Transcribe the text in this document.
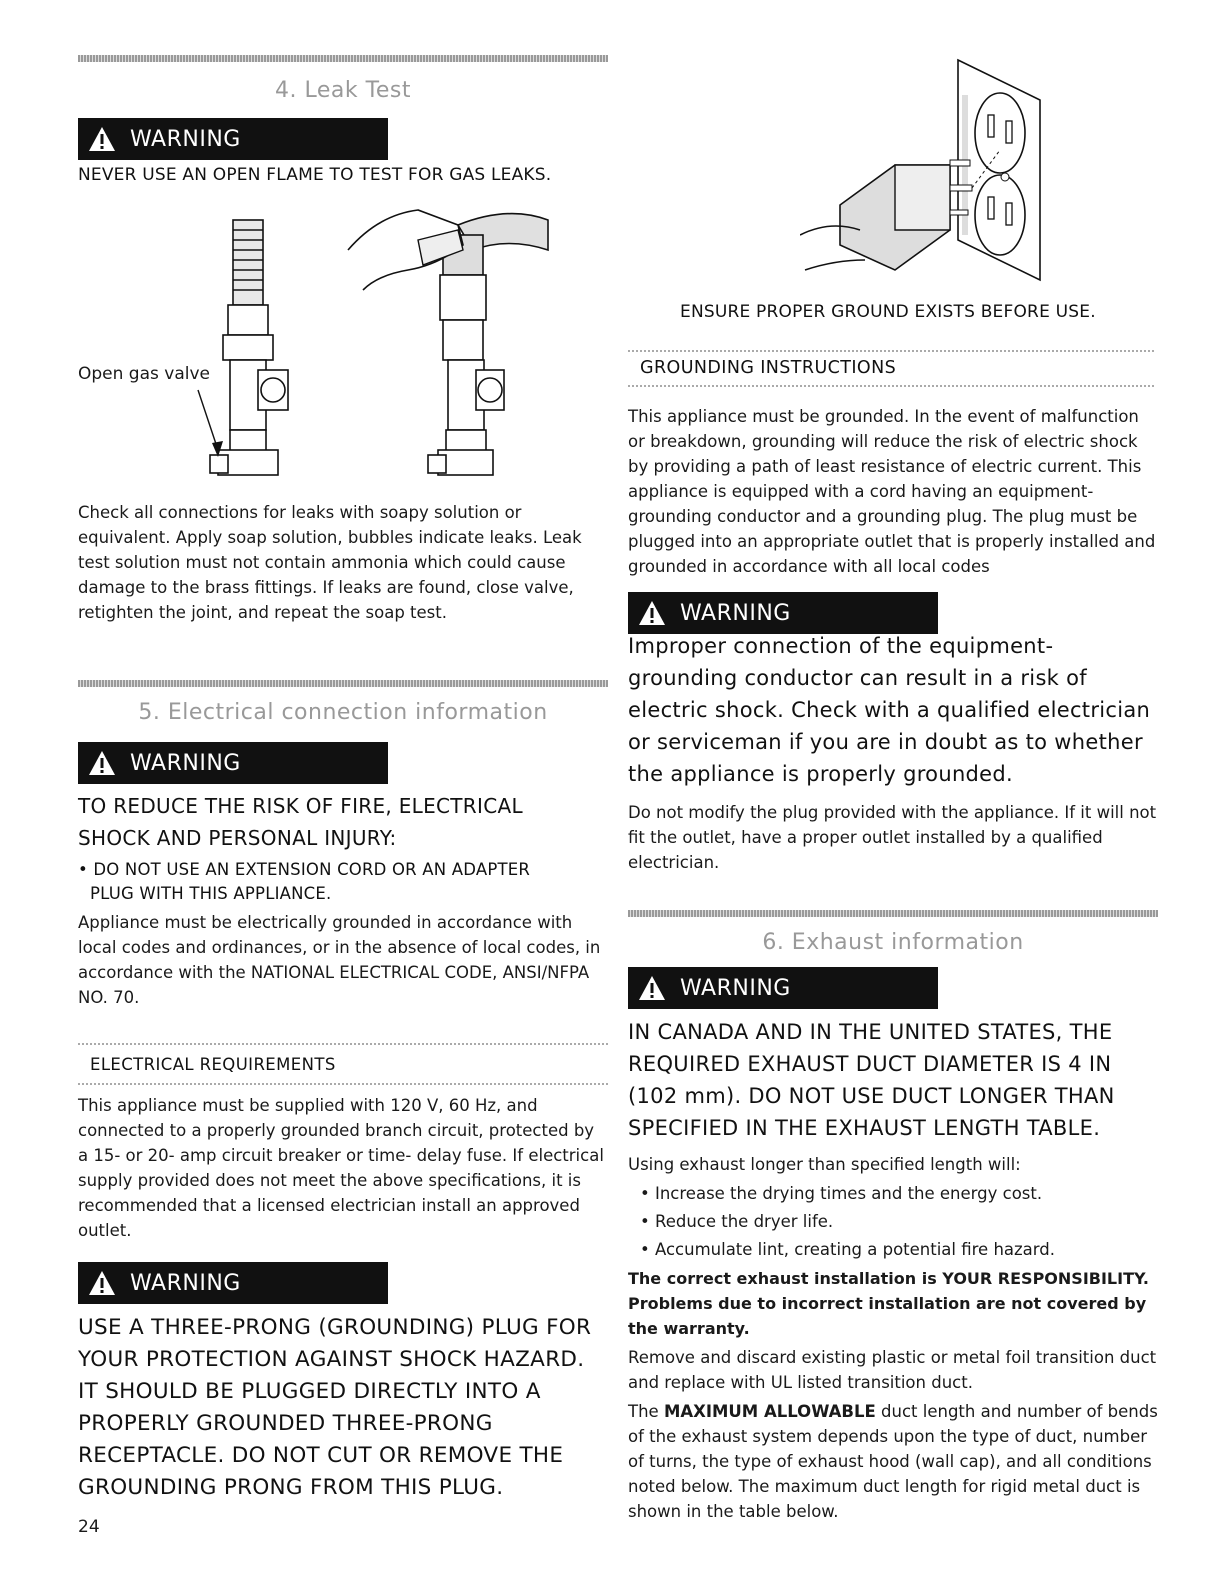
4. Leak Test
WARNING
NEVER USE AN OPEN FLAME TO TEST FOR GAS LEAKS.
Open gas valve
Check all connections for leaks with soapy solution or equivalent. Apply soap solution, bubbles indicate leaks. Leak test solution must not contain ammonia which could cause damage to the brass fittings. If leaks are found, close valve, retighten the joint, and repeat the soap test.
5. Electrical connection information
WARNING
TO REDUCE THE RISK OF FIRE, ELECTRICAL
SHOCK AND PERSONAL INJURY:
• DO NOT USE AN EXTENSION CORD OR AN ADAPTER
PLUG WITH THIS APPLIANCE.
Appliance must be electrically grounded in accordance with local codes and ordinances, or in the absence of local codes, in accordance with the NATIONAL ELECTRICAL CODE, ANSI/NFPA NO. 70.
ELECTRICAL REQUIREMENTS
This appliance must be supplied with 120 V, 60 Hz, and connected to a properly grounded branch circuit, protected by a 15- or 20- amp circuit breaker or time- delay fuse. If electrical supply provided does not meet the above specifications, it is recommended that a licensed electrician install an approved outlet.
WARNING
USE A THREE-PRONG (GROUNDING) PLUG FOR YOUR PROTECTION AGAINST SHOCK HAZARD. IT SHOULD BE PLUGGED DIRECTLY INTO A PROPERLY GROUNDED THREE-PRONG RECEPTACLE. DO NOT CUT OR REMOVE THE GROUNDING PRONG FROM THIS PLUG.
24
ENSURE PROPER GROUND EXISTS BEFORE USE.
GROUNDING INSTRUCTIONS
This appliance must be grounded. In the event of malfunction or breakdown, grounding will reduce the risk of electric shock by providing a path of least resistance of electric current. This appliance is equipped with a cord having an equipment-grounding conductor and a grounding plug. The plug must be plugged into an appropriate outlet that is properly installed and grounded in accordance with all local codes
WARNING
Improper connection of the equipment-grounding conductor can result in a risk of electric shock. Check with a qualified electrician or serviceman if you are in doubt as to whether the appliance is properly grounded.
Do not modify the plug provided with the appliance. If it will not fit the outlet, have a proper outlet installed by a qualified electrician.
6. Exhaust information
WARNING
IN CANADA AND IN THE UNITED STATES, THE REQUIRED EXHAUST DUCT DIAMETER IS 4 IN (102 mm). DO NOT USE DUCT LONGER THAN SPECIFIED IN THE EXHAUST LENGTH TABLE.
Using exhaust longer than specified length will:
• Increase the drying times and the energy cost.
• Reduce the dryer life.
• Accumulate lint, creating a potential fire hazard.
The correct exhaust installation is YOUR RESPONSIBILITY.
Problems due to incorrect installation are not covered by the warranty.
Remove and discard existing plastic or metal foil transition duct and replace with UL listed transition duct.
The MAXIMUM ALLOWABLE duct length and number of bends of the exhaust system depends upon the type of duct, number of turns, the type of exhaust hood (wall cap), and all conditions noted below. The maximum duct length for rigid metal duct is shown in the table below.
